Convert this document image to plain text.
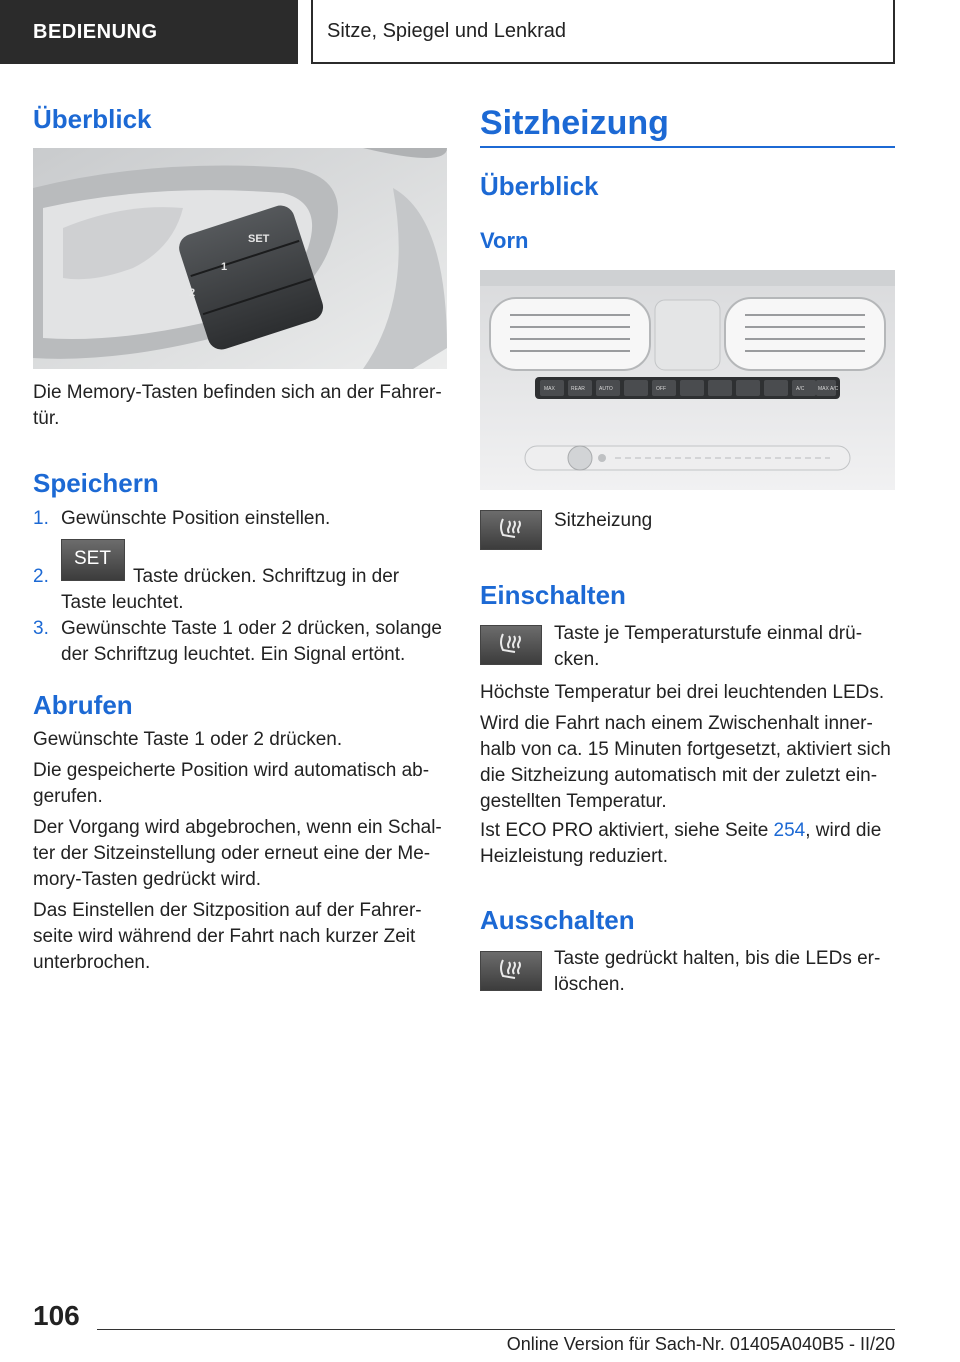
BEDIENUNG	Sitze, Spiegel und Lenkrad
Überblick
SET
1
2

Die Memory-Tasten befinden sich an der Fahrer-tür.

Speichern
1. Gewünschte Position einstellen.

2.
SET

Taste drücken. Schriftzug in der Taste leuchtet.

3. Gewünschte Taste 1 oder 2 drücken, solange der Schriftzug leuchtet. Ein Signal ertönt.

Abrufen

Gewünschte Taste 1 oder 2 drücken.

Die gespeicherte Position wird automatisch ab-gerufen.

Der Vorgang wird abgebrochen, wenn ein Schal-ter der Sitzeinstellung oder erneut eine der Me-mory-Tasten gedrückt wird.

Das Einstellen der Sitzposition auf der Fahrer-seite wird während der Fahrt nach kurzer Zeit unterbrochen.

Sitzheizung
Überblick
Vorn
MAX	REAR	AUTO	OFF	A/C	MAX A/C

Sitzheizung

Einschalten

Taste je Temperaturstufe einmal drü-cken.

Höchste Temperatur bei drei leuchtenden LEDs.

Wird die Fahrt nach einem Zwischenhalt inner-halb von ca. 15 Minuten fortgesetzt, aktiviert sich die Sitzheizung automatisch mit der zuletzt ein-gestellten Temperatur.

Ist ECO PRO aktiviert, siehe Seite 254, wird die Heizleistung reduziert.

Ausschalten

Taste gedrückt halten, bis die LEDs er-löschen.

106
Online Version für Sach-Nr. 01405A040B5 - II/20
